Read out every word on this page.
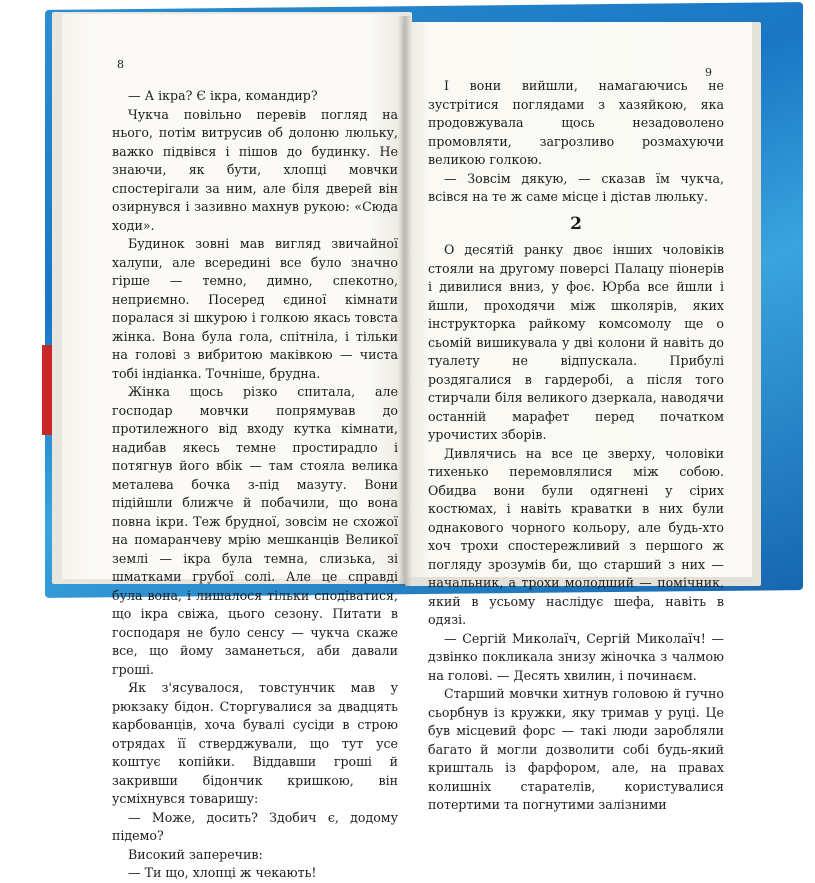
8

— А ікра? Є ікра, командир?

Чукча повільно перевів погляд на нього, потім витрусив об долоню люльку, важко підвівся і пішов до будинку. Не знаючи, як бути, хлопці мовчки спостерігали за ним, але біля дверей він озирнувся і зазивно махнув рукою: «Сюда ходи».

Будинок зовні мав вигляд звичайної халупи, але всередині все було значно гірше — темно, димно, спекотно, неприємно. Посеред єдиної кімнати поралася зі шкурою і голкою якась товста жінка. Вона була гола, спітніла, і тільки на голові з вибритою маківкою — чиста тобі індіанка. Точніше, брудна.

Жінка щось різко спитала, але господар мовчки попрямував до протилежного від входу кутка кімнати, надибав якесь темне простирадло і потягнув його вбік — там стояла велика металева бочка з-під мазуту. Вони підійшли ближче й побачили, що вона повна ікри. Теж брудної, зовсім не схожої на помаранчеву мрію мешканців Великої землі — ікра була темна, слизька, зі шматками грубої солі. Але це справді була вона, і лишалося тільки сподіватися, що ікра свіжа, цього сезону. Питати в господаря не було сенсу — чукча скаже все, що йому заманеться, аби давали гроші.

Як з'ясувалося, товстунчик мав у рюкзаку бідон. Сторгувалися за двадцять карбованців, хоча бувалі сусіди в строю отрядах її стверджували, що тут усе коштує копійки. Віддавши гроші й закривши бідончик кришкою, він усміхнувся товаришу:

— Може, досить? Здобич є, додому підемо?

Високий заперечив:

— Ти що, хлопці ж чекають!

9

І вони вийшли, намагаючись не зустрітися поглядами з хазяйкою, яка продовжувала щось незадоволено промовляти, загрозливо розмахуючи великою голкою.

— Зовсім дякую, — сказав їм чукча, всівся на те ж саме місце і дістав люльку.

2

О десятій ранку двоє інших чоловіків стояли на другому поверсі Палацу піонерів і дивилися вниз, у фоє. Юрба все йшли і йшли, проходячи між школярів, яких інструкторка райкому комсомолу ще о сьомій вишикувала у дві колони й навіть до туалету не відпускала. Прибулі роздягалися в гардеробі, а після того стирчали біля великого дзеркала, наводячи останній марафет перед початком урочистих зборів.

Дивлячись на все це зверху, чоловіки тихенько перемовлялися між собою. Обидва вони були одягнені у сірих костюмах, і навіть краватки в них були однакового чорного кольору, але будь-хто хоч трохи спостережливий з першого ж погляду зрозумів би, що старший з них — начальник, а трохи молодший — помічник, який в усьому наслідує шефа, навіть в одязі.

— Сергій Миколаїч, Сергій Миколаїч! — дзвінко покликала знизу жіночка з чалмою на голові. — Десять хвилин, і починаєм.

Старший мовчки хитнув головою й гучно сьорбнув із кружки, яку тримав у руці. Це був місцевий форс — такі люди заробляли багато й могли дозволити собі будь-який кришталь із фарфором, але, на правах колишніх старателів, користувалися потертими та погнутими залізними
